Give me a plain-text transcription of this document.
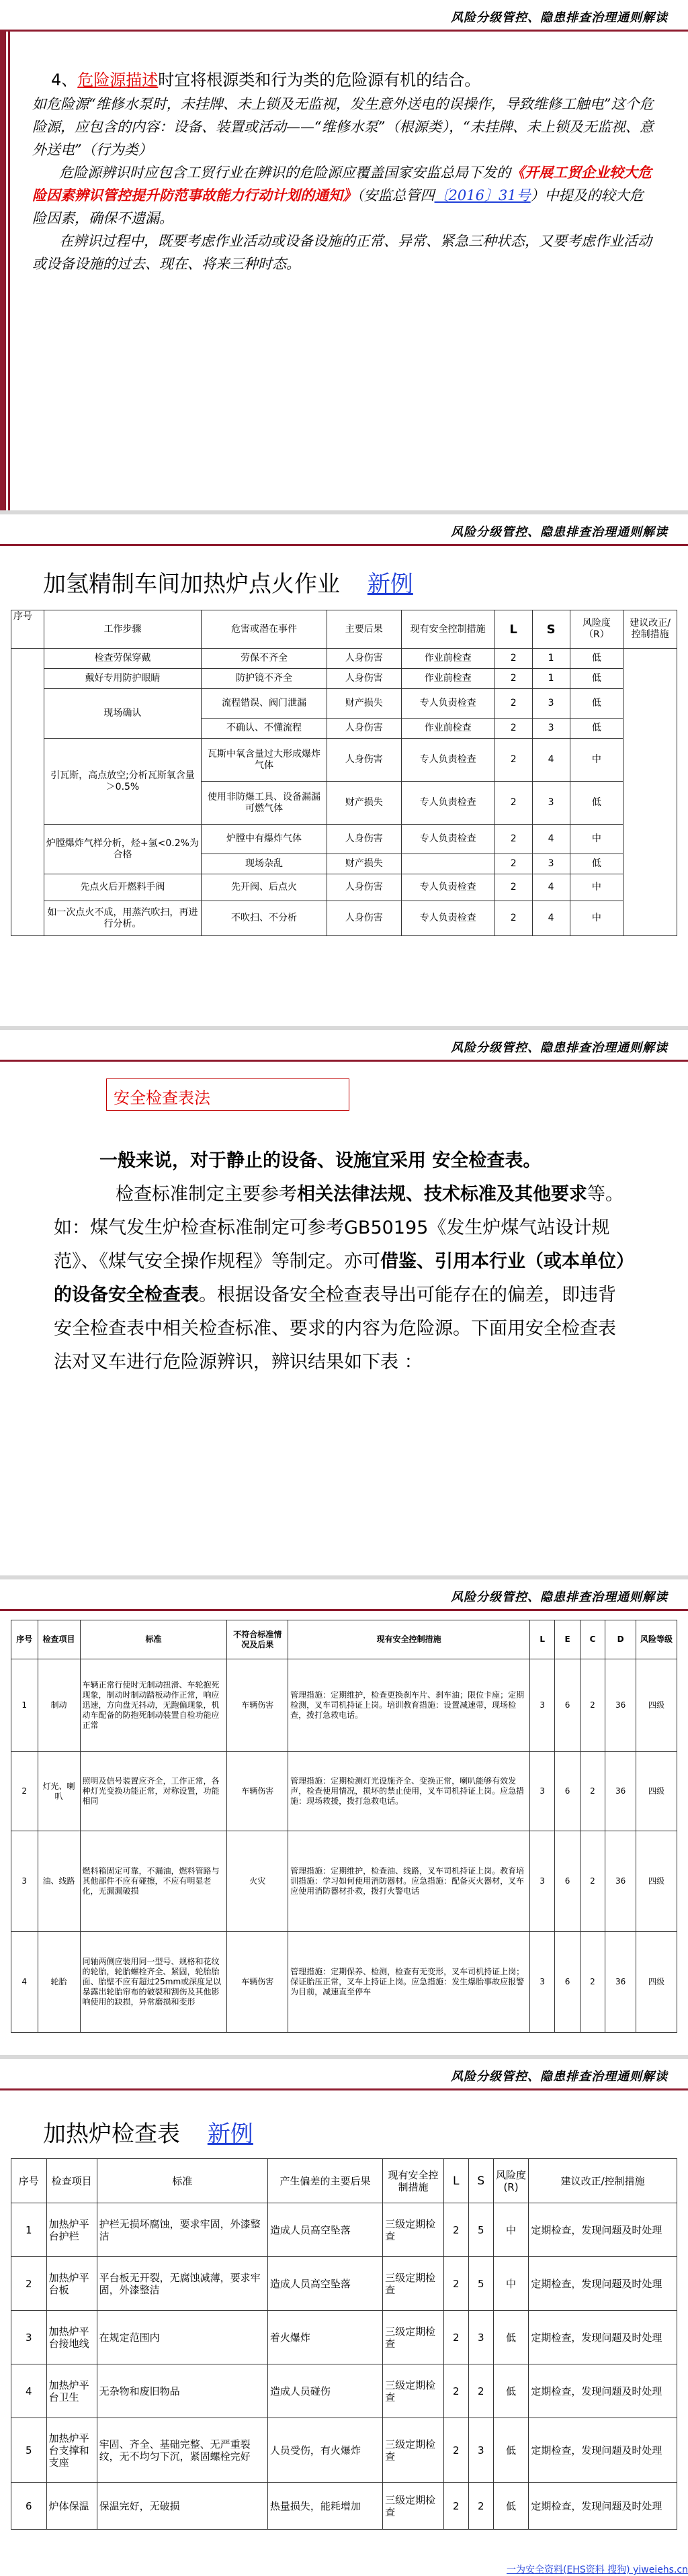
风险分级管控、隐患排查治理通则解读

4、危险源描述时宜将根源类和行为类的危险源有机的结合。

如危险源“维修水泵时，未挂牌、未上锁及无监视，发生意外送电的误操作，导致维修工触电”这个危险源，应包含的内容：设备、装置或活动——“维修水泵”（根源类），“未挂牌、未上锁及无监视、意外送电”（行为类）

危险源辨识时应包含工贸行业在辨识的危险源应覆盖国家安监总局下发的《开展工贸企业较大危险因素辨识管控提升防范事故能力行动计划的通知》（安监总管四〔2016〕31号）中提及的较大危险因素，确保不遗漏。

在辨识过程中，既要考虑作业活动或设备设施的正常、异常、紧急三种状态，又要考虑作业活动或设备设施的过去、现在、将来三种时态。

风险分级管控、隐患排查治理通则解读
加氢精制车间加热炉点火作业 新例
序号	工作步骤	危害或潜在事件	主要后果	现有安全控制措施	L	S	风险度（R）	建议改正/控制措施
	检查劳保穿戴	劳保不齐全	人身伤害	作业前检查	2	1	低	
	戴好专用防护眼睛	防护镜不齐全	人身伤害	作业前检查	2	1	低	
	现场确认	流程错误、阀门泄漏	财产损失	专人负责检查	2	3	低	
		不确认、不懂流程	人身伤害	作业前检查	2	3	低	
	引瓦斯，高点放空;分析瓦斯氧含量＞0.5%	瓦斯中氧含量过大形成爆炸气体	人身伤害	专人负责检查	2	4	中	
		使用非防爆工具、设备漏漏可燃气体	财产损失	专人负责检查	2	3	低	
	炉膛爆炸气样分析，烃+氢<0.2%为合格	炉膛中有爆炸气体	人身伤害	专人负责检查	2	4	中	
		现场杂乱	财产损失		2	3	低	
	先点火后开燃料手阀	先开阀、后点火	人身伤害	专人负责检查	2	4	中	
	如一次点火不成，用蒸汽吹扫，再进行分析。	不吹扫、不分析	人身伤害	专人负责检查	2	4	中	
风险分级管控、隐患排查治理通则解读
安全检查表法

一般来说，对于静止的设备、设施宜采用 安全检查表。

检查标准制定主要参考相关法律法规、技术标准及其他要求等。如：煤气发生炉检查标准制定可参考GB50195《发生炉煤气站设计规范》、《煤气安全操作规程》等制定。亦可借鉴、引用本行业（或本单位）的设备安全检查表。根据设备安全检查表导出可能存在的偏差，即违背安全检查表中相关检查标准、要求的内容为危险源。下面用安全检查表法对叉车进行危险源辨识，辨识结果如下表 ：

风险分级管控、隐患排查治理通则解读
序号	检查项目	标准	不符合标准情况及后果	现有安全控制措施	L	E	C	D	风险等级
1	制动	车辆正常行使时无制动扭滑、车轮抱死现象，制动时制动踏板动作正常，响应迅速，方向盘无抖动，无跑偏现象，机动车配备的防抱死制动装置自检功能应正常	车辆伤害	管理措施：定期维护，检查更换刹车片、刹车油；限位卡座；定期检测，叉车司机持证上岗。培训教育措施：设置减速带，现场检查，拨打急救电话。	3	6	2	36	四级
2	灯光、喇叭	照明及信号装置应齐全，工作正常，各种灯光变换功能正常，对称设置，功能相同	车辆伤害	管理措施：定期检测灯光设施齐全、变换正常，喇叭能够有效发声，检查使用情况，损坏的禁止使用，叉车司机持证上岗。应急措施：现场救援，拨打急救电话。	3	6	2	36	四级
3	油、线路	燃料箱固定可靠，不漏油，燃料管路与其他部件不应有碰擦，不应有明显老化，无漏漏破损	火灾	管理措施：定期维护，检查油、线路，叉车司机持证上岗。教育培训措施：学习如何使用消防器材。应急措施：配备灭火器材，叉车应使用消防器材扑救，拨打火警电话	3	6	2	36	四级
4	轮胎	同轴两侧应装用同一型号、规格和花纹的轮胎，轮胎螺栓齐全、紧固，轮胎胎面、胎壁不应有超过25mm或深度足以暴露出轮胎帘布的破裂和割伤及其他影响使用的缺损，异常磨损和变形	车辆伤害	管理措施：定期保养、检测，检查有无变形，叉车司机持证上岗；保证胎压正常，叉车上持证上岗。应急措施：发生爆胎事故应报警为目前，减速直至停车	3	6	2	36	四级
风险分级管控、隐患排查治理通则解读
加热炉检查表 新例
序号	检查项目	标准	产生偏差的主要后果	现有安全控制措施	L	S	风险度(R)	建议改正/控制措施
1	加热炉平台护栏	护栏无损坏腐蚀，要求牢固，外漆整洁	造成人员高空坠落	三级定期检查	2	5	中	定期检查，发现问题及时处理
2	加热炉平台板	平台板无开裂，无腐蚀减薄，要求牢固，外漆整洁	造成人员高空坠落	三级定期检查	2	5	中	定期检查，发现问题及时处理
3	加热炉平台接地线	在规定范围内	着火爆炸	三级定期检查	2	3	低	定期检查，发现问题及时处理
4	加热炉平台卫生	无杂物和废旧物品	造成人员碰伤	三级定期检查	2	2	低	定期检查，发现问题及时处理
5	加热炉平台支撑和支座	牢固、齐全、基础完整、无严重裂纹，无不均匀下沉，紧固螺栓完好	人员受伤，有火爆炸	三级定期检查	2	3	低	定期检查，发现问题及时处理
6	炉体保温	保温完好，无破损	热量损失，能耗增加	三级定期检查	2	2	低	定期检查，发现问题及时处理
一为安全资料(EHS资料 搜狗) yiweiehs.cn
